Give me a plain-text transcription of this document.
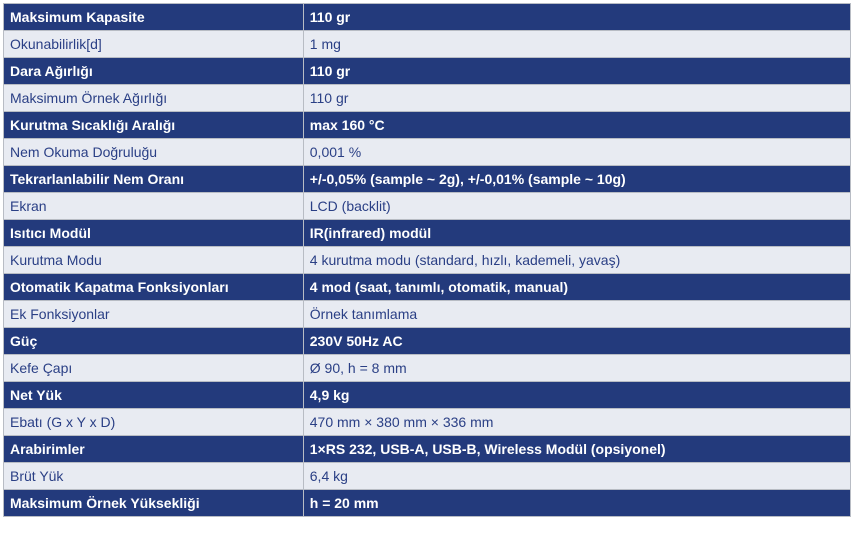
Maksimum Kapasite	110 gr
Okunabilirlik[d]	1 mg
Dara Ağırlığı	110 gr
Maksimum Örnek Ağırlığı	110 gr
Kurutma Sıcaklığı Aralığı	max 160 °C
Nem Okuma Doğruluğu	0,001 %
Tekrarlanlabilir Nem Oranı	+/-0,05% (sample ~ 2g), +/-0,01% (sample ~ 10g)
Ekran	LCD (backlit)
Isıtıcı Modül	IR(infrared) modül
Kurutma Modu	4 kurutma modu (standard, hızlı, kademeli, yavaş)
Otomatik Kapatma Fonksiyonları	4 mod (saat, tanımlı, otomatik, manual)
Ek Fonksiyonlar	Örnek tanımlama
Güç	230V 50Hz AC
Kefe Çapı	Ø 90, h = 8 mm
Net Yük	4,9 kg
Ebatı (G x Y x D)	470 mm × 380 mm × 336 mm
Arabirimler	1×RS 232, USB-A, USB-B, Wireless Modül (opsiyonel)
Brüt Yük	6,4 kg
Maksimum Örnek Yüksekliği	h = 20 mm
